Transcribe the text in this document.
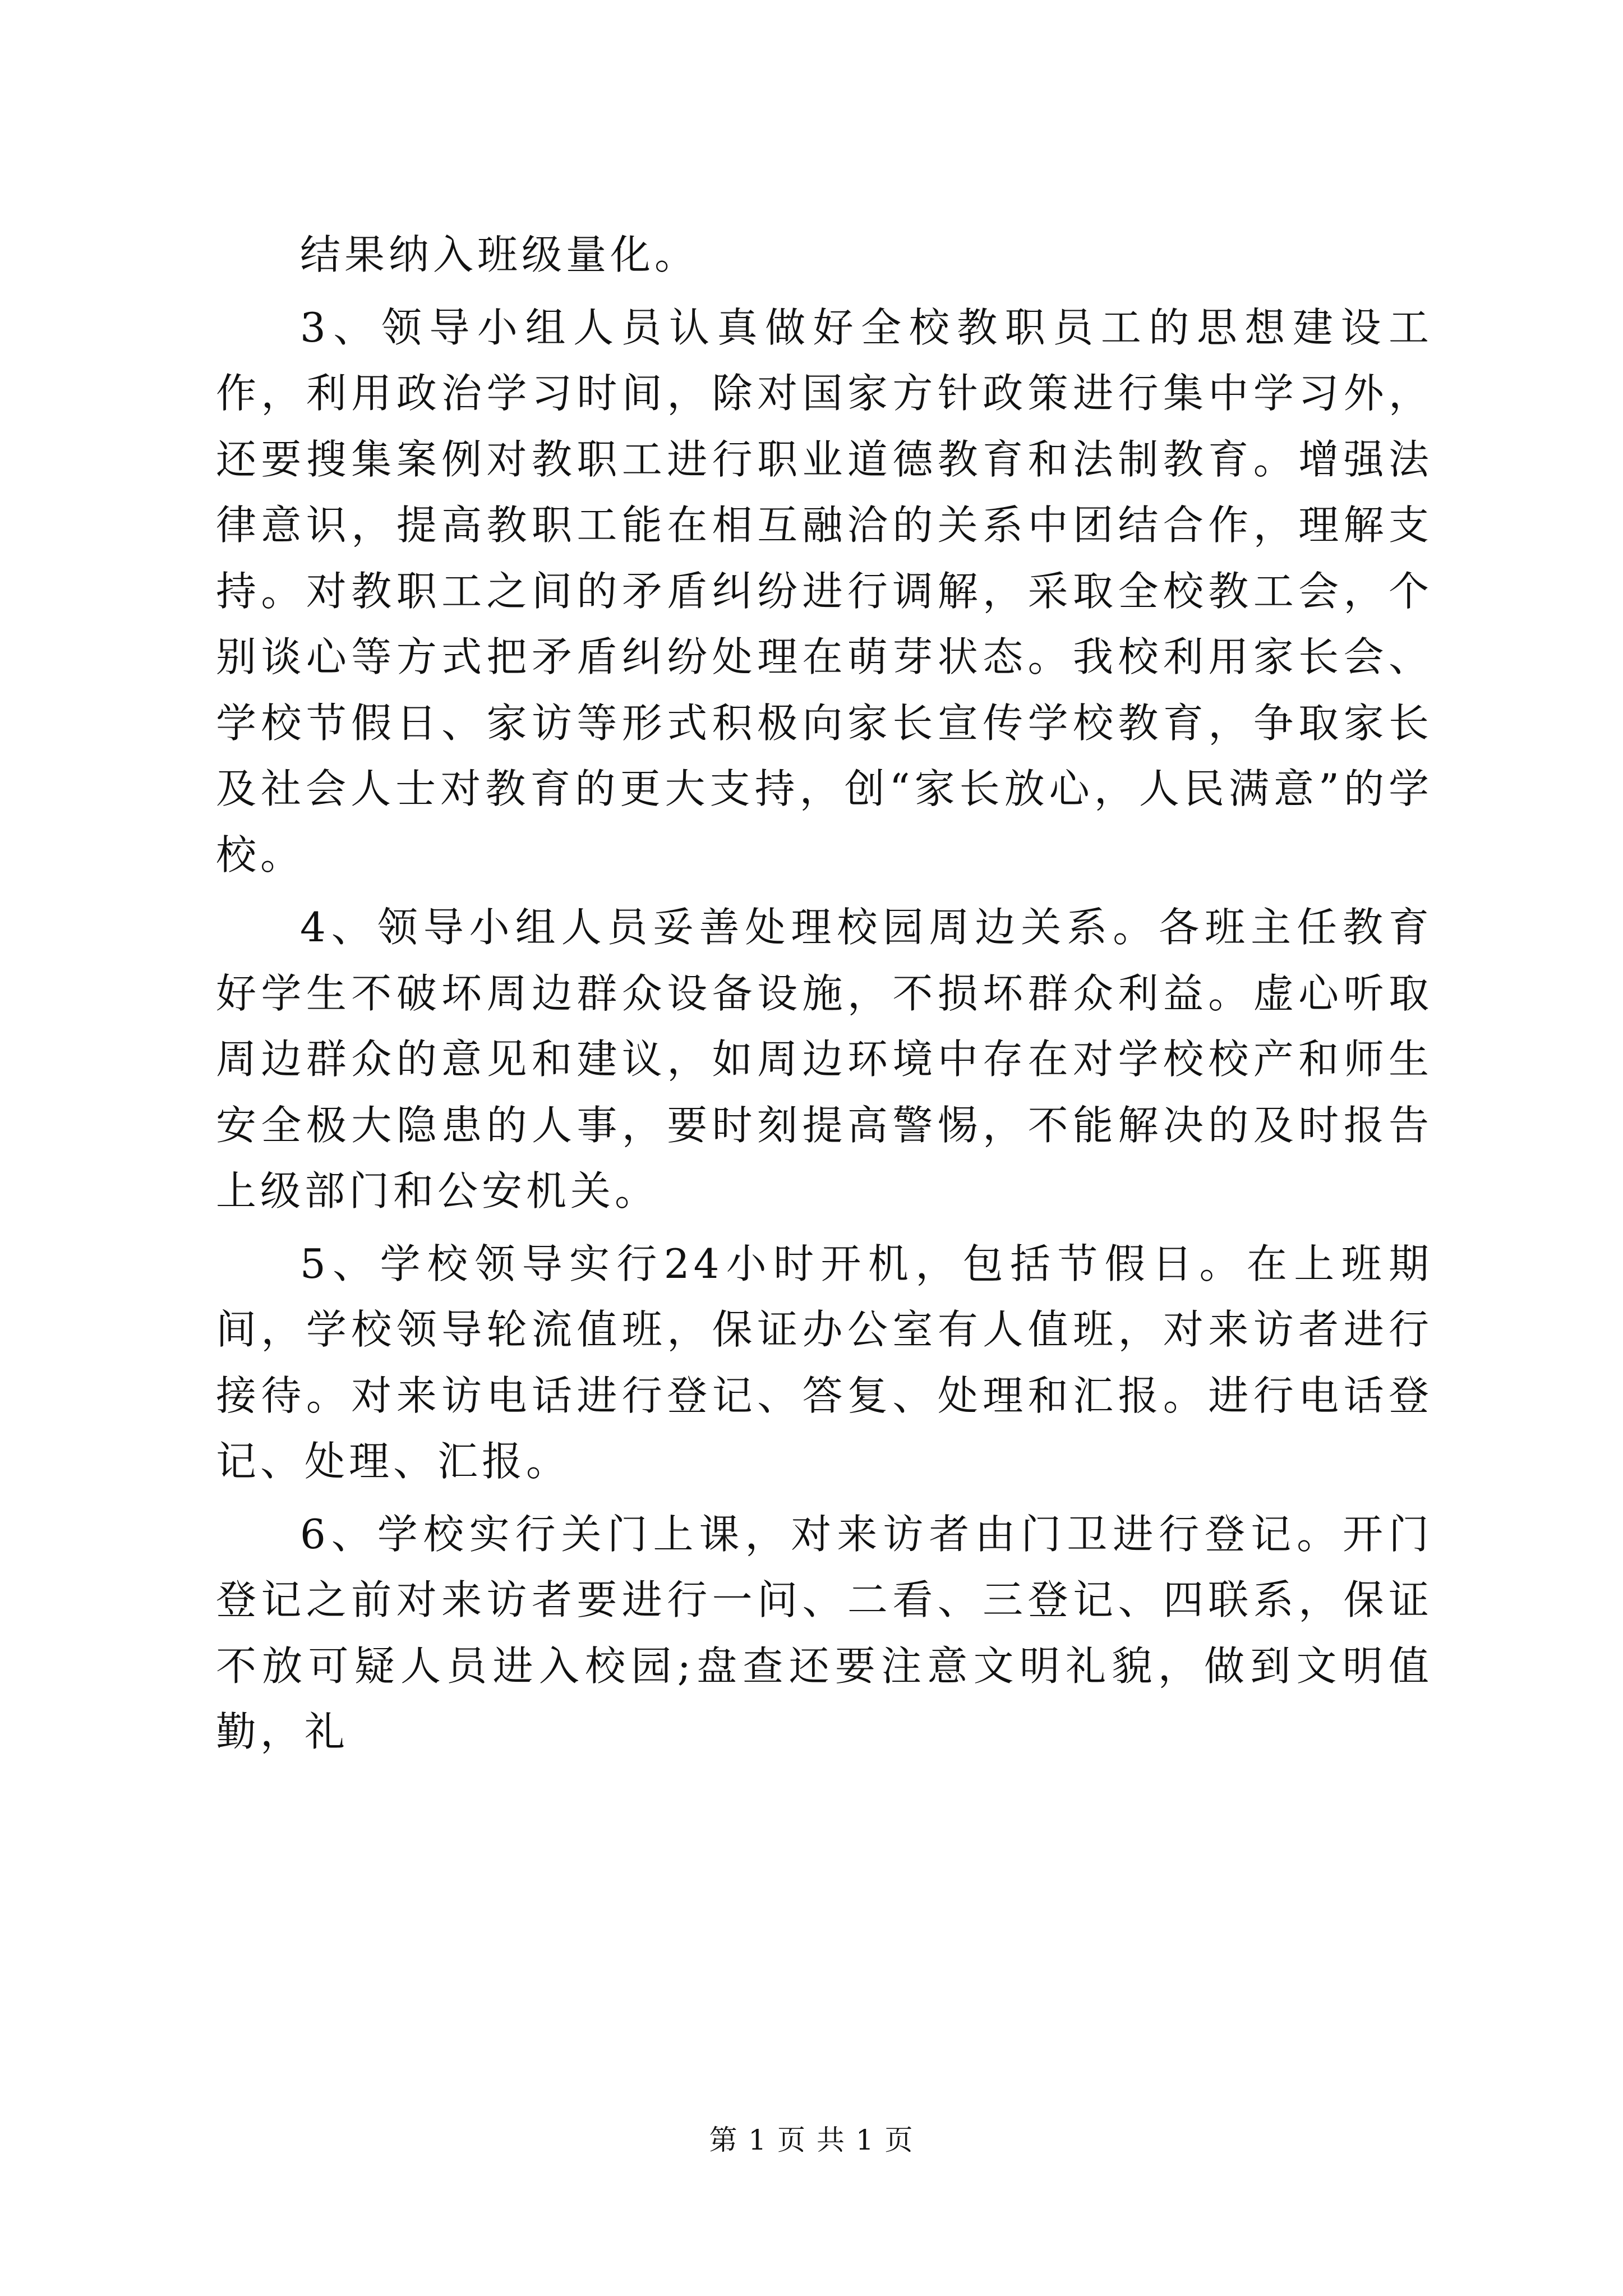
结果纳入班级量化。

3、领导小组人员认真做好全校教职员工的思想建设工作，利用政治学习时间，除对国家方针政策进行集中学习外，还要搜集案例对教职工进行职业道德教育和法制教育。增强法律意识，提高教职工能在相互融洽的关系中团结合作，理解支持。对教职工之间的矛盾纠纷进行调解，采取全校教工会，个别谈心等方式把矛盾纠纷处理在萌芽状态。我校利用家长会、学校节假日、家访等形式积极向家长宣传学校教育，争取家长及社会人士对教育的更大支持，创“家长放心，人民满意”的学校。

4、领导小组人员妥善处理校园周边关系。各班主任教育好学生不破坏周边群众设备设施，不损坏群众利益。虚心听取周边群众的意见和建议，如周边环境中存在对学校校产和师生安全极大隐患的人事，要时刻提高警惕，不能解决的及时报告上级部门和公安机关。

5、学校领导实行24小时开机，包括节假日。在上班期间，学校领导轮流值班，保证办公室有人值班，对来访者进行接待。对来访电话进行登记、答复、处理和汇报。进行电话登记、处理、汇报。

6、学校实行关门上课，对来访者由门卫进行登记。开门登记之前对来访者要进行一问、二看、三登记、四联系，保证不放可疑人员进入校园;盘查还要注意文明礼貌，做到文明值勤，礼

第 1 页 共 1 页
